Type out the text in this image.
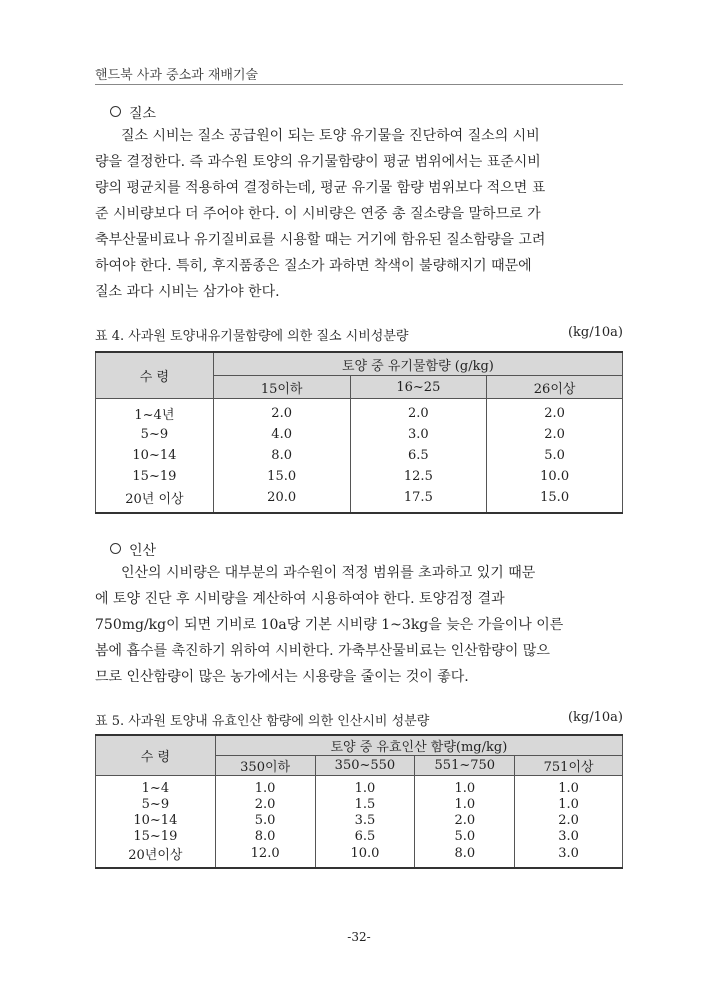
핸드북 사과 중소과 재배기술
질소
질소 시비는 질소 공급원이 되는 토양 유기물을 진단하여 질소의 시비
량을 결정한다. 즉 과수원 토양의 유기물함량이 평균 범위에서는 표준시비
량의 평균치를 적용하여 결정하는데, 평균 유기물 함량 범위보다 적으면 표
준 시비량보다 더 주어야 한다. 이 시비량은 연중 총 질소량을 말하므로 가
축부산물비료나 유기질비료를 시용할 때는 거기에 함유된 질소함량을 고려
하여야 한다. 특히, 후지품종은 질소가 과하면 착색이 불량해지기 때문에
질소 과다 시비는 삼가야 한다.
표 4. 사과원 토양내유기물함량에 의한 질소 시비성분량	(kg/10a)
수 령	토양 중 유기물함량 (g/kg)		
	15이하	16~25	26이상
1~4년	2.0	2.0	2.0
5~9	4.0	3.0	2.0
10~14	8.0	6.5	5.0
15~19	15.0	12.5	10.0
20년 이상	20.0	17.5	15.0
인산
인산의 시비량은 대부분의 과수원이 적정 범위를 초과하고 있기 때문
에 토양 진단 후 시비량을 계산하여 시용하여야 한다. 토양검정 결과
750mg/kg이 되면 기비로 10a당 기본 시비량 1~3kg을 늦은 가을이나 이른
봄에 흡수를 촉진하기 위하여 시비한다. 가축부산물비료는 인산함량이 많으
므로 인산함량이 많은 농가에서는 시용량을 줄이는 것이 좋다.
표 5. 사과원 토양내 유효인산 함량에 의한 인산시비 성분량	(kg/10a)
수 령	토양 중 유효인산 함량(mg/kg)			
	350이하	350~550	551~750	751이상
1~4	1.0	1.0	1.0	1.0
5~9	2.0	1.5	1.0	1.0
10~14	5.0	3.5	2.0	2.0
15~19	8.0	6.5	5.0	3.0
20년이상	12.0	10.0	8.0	3.0
-32-
